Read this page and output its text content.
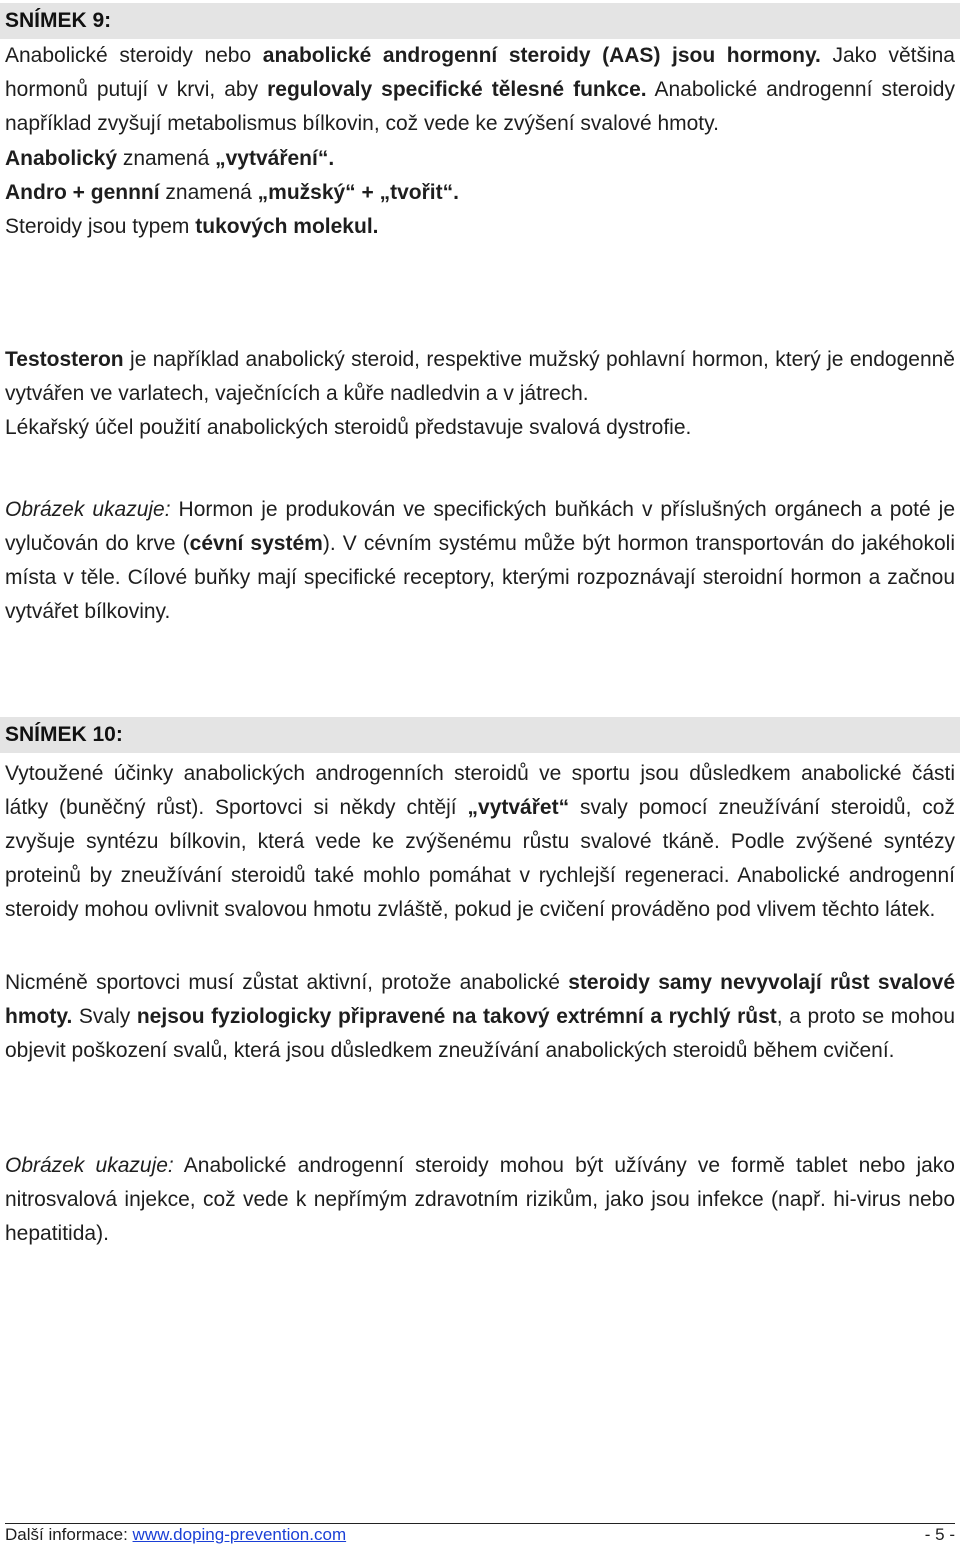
SNÍMEK 9:
Anabolické steroidy nebo anabolické androgenní steroidy (AAS) jsou hormony. Jako většina hormonů putují v krvi, aby regulovaly specifické tělesné funkce. Anabolické androgenní steroidy například zvyšují metabolismus bílkovin, což vede ke zvýšení svalové hmoty.
Anabolický znamená „vytváření“.
Andro + gennní znamená „mužský“ + „tvořit“.
Steroidy jsou typem tukových molekul.
Testosteron je například anabolický steroid, respektive mužský pohlavní hormon, který je endogenně vytvářen ve varlatech, vaječnících a kůře nadledvin a v játrech.
Lékařský účel použití anabolických steroidů představuje svalová dystrofie.
Obrázek ukazuje: Hormon je produkován ve specifických buňkách v příslušných orgánech a poté je vylučován do krve (cévní systém). V cévním systému může být hormon transportován do jakéhokoli místa v těle. Cílové buňky mají specifické receptory, kterými rozpoznávají steroidní hormon a začnou vytvářet bílkoviny.
SNÍMEK 10:
Vytoužené účinky anabolických androgenních steroidů ve sportu jsou důsledkem anabolické části látky (buněčný růst). Sportovci si někdy chtějí „vytvářet“ svaly pomocí zneužívání steroidů, což zvyšuje syntézu bílkovin, která vede ke zvýšenému růstu svalové tkáně. Podle zvýšené syntézy proteinů by zneužívání steroidů také mohlo pomáhat v rychlejší regeneraci. Anabolické androgenní steroidy mohou ovlivnit svalovou hmotu zvláště, pokud je cvičení prováděno pod vlivem těchto látek.
Nicméně sportovci musí zůstat aktivní, protože anabolické steroidy samy nevyvolají růst svalové hmoty. Svaly nejsou fyziologicky připravené na takový extrémní a rychlý růst, a proto se mohou objevit poškození svalů, která jsou důsledkem zneužívání anabolických steroidů během cvičení.
Obrázek ukazuje: Anabolické androgenní steroidy mohou být užívány ve formě tablet nebo jako nitrosvalová injekce, což vede k nepřímým zdravotním rizikům, jako jsou infekce (např. hi-virus nebo hepatitida).
Další informace: www.doping-prevention.com	- 5 -
